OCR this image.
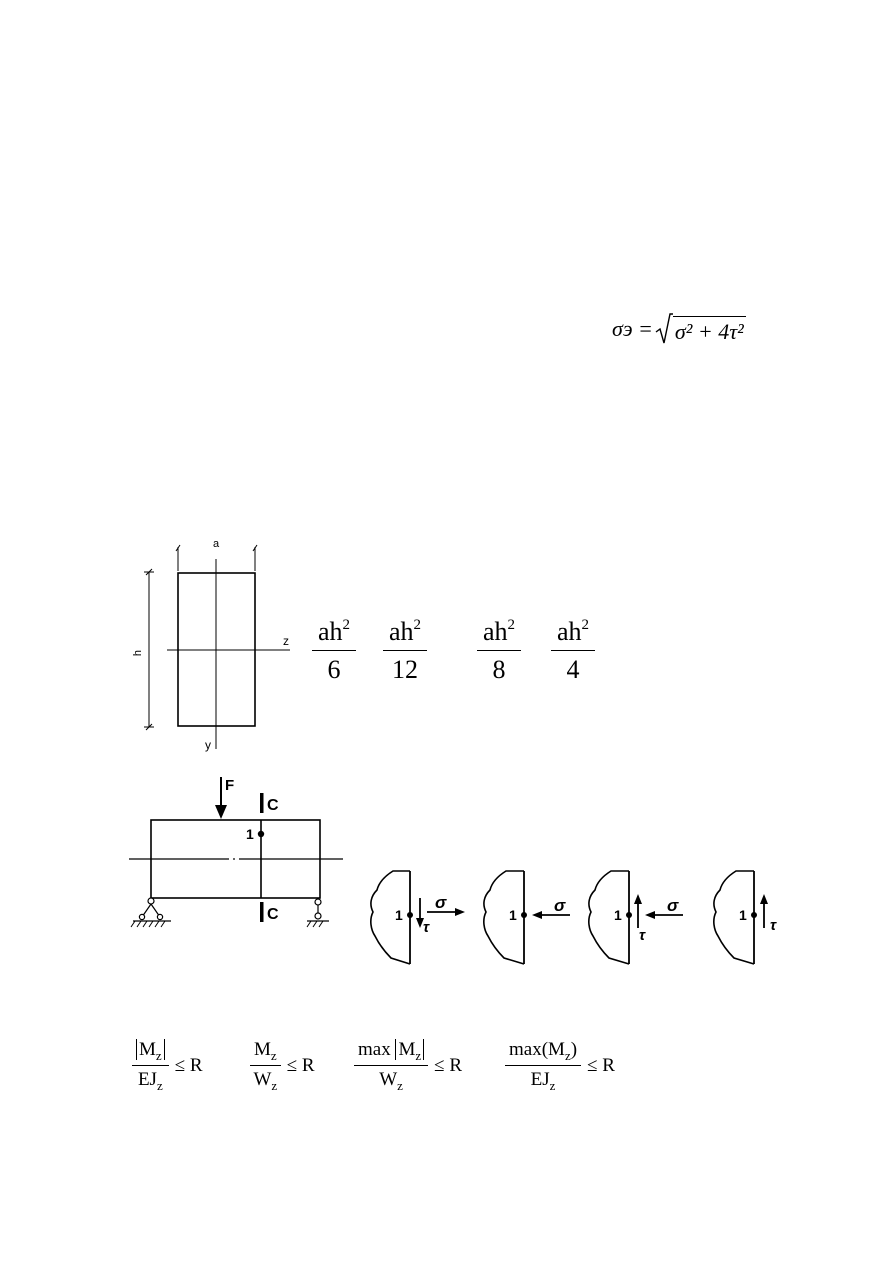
σэ = σ² + 4τ²
a
h
z
y
$\frac{ah^2}{6} \frac{ah^2}{12} \frac{ah^2}{8} \frac{ah^2}{4}$
F
C
1
C	1
τ
σ
1 σ	1
τ
σ	1
τ
$\frac{M_z}{EJ_z} \le R \frac{M_z}{W_z} \le R \frac{\max M_z}{W_z} \le R \frac{\max(M_z)}{EJ_z} \le R$
